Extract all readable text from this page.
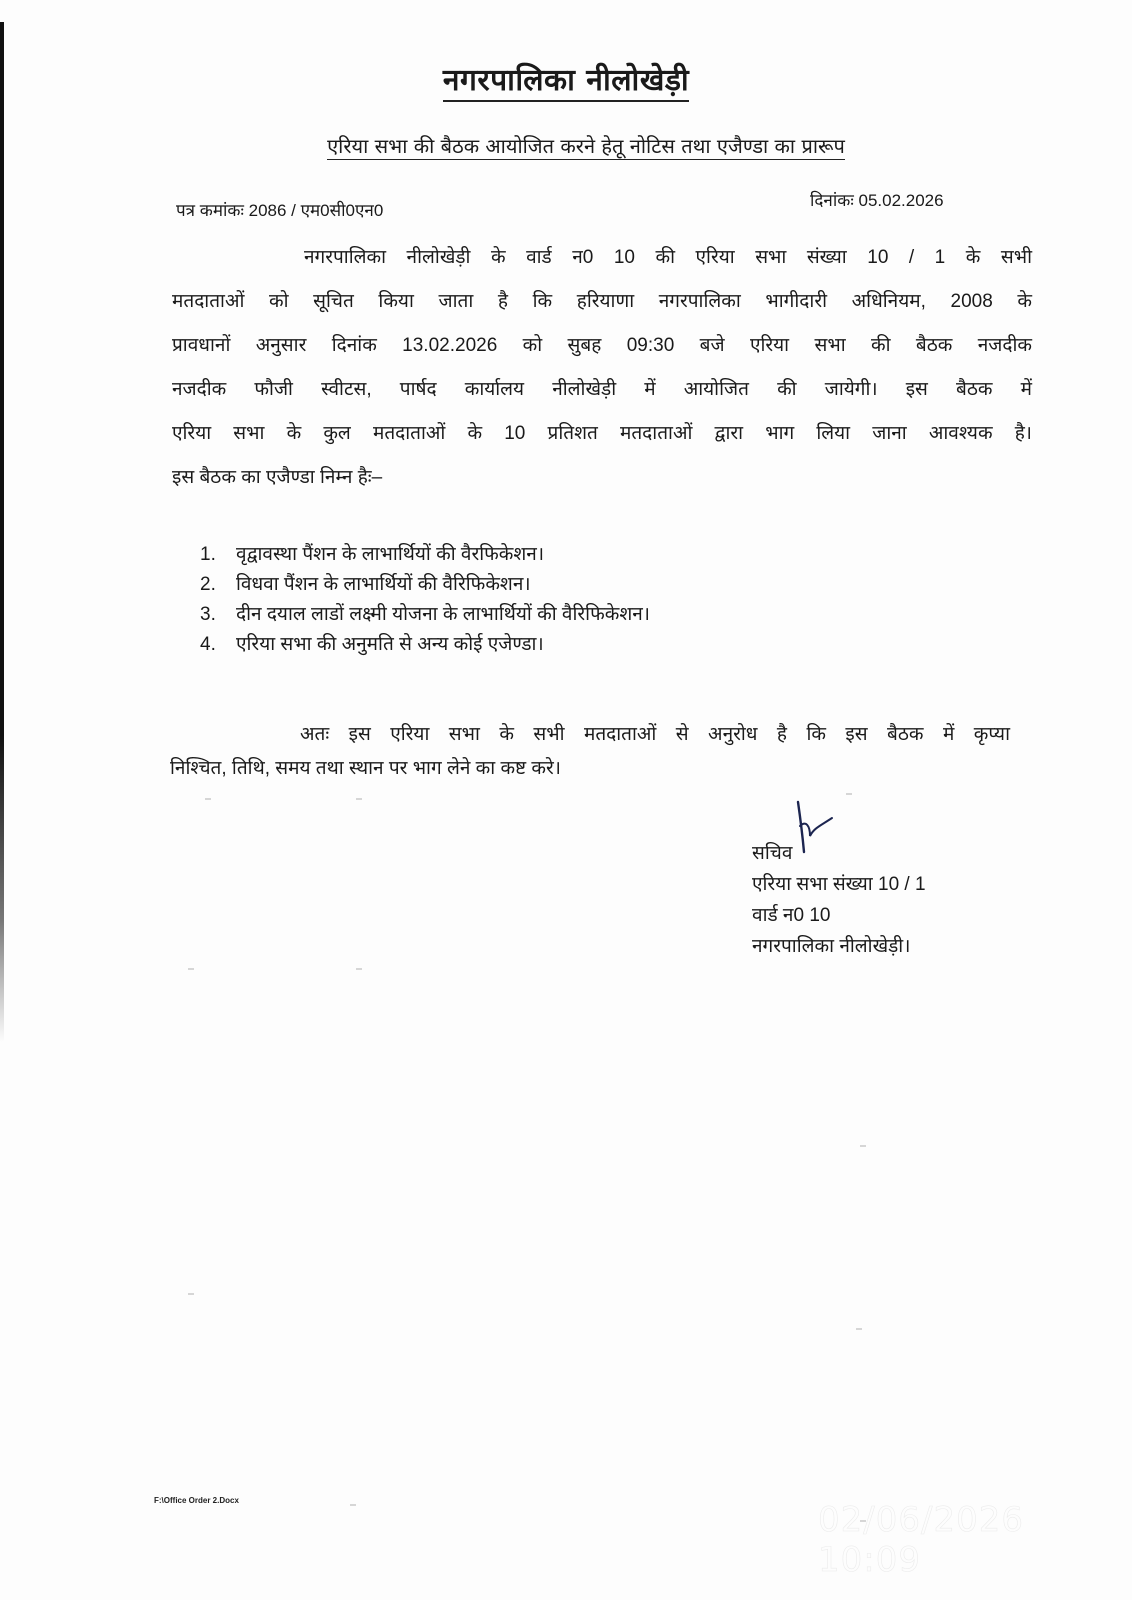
नगरपालिका नीलोखेड़ी
एरिया सभा की बैठक आयोजित करने हेतू नोटिस तथा एजैण्डा का प्रारूप
पत्र कमांकः 2086 / एम0सी0एन0
दिनांकः 05.02.2026
नगरपालिका नीलोखेड़ी के वार्ड न0 10 की एरिया सभा संख्या 10 / 1 के सभी
मतदाताओं को सूचित किया जाता है कि हरियाणा नगरपालिका भागीदारी अधिनियम, 2008 के
प्रावधानों अनुसार दिनांक 13.02.2026 को सुबह 09:30 बजे एरिया सभा की बैठक नजदीक
नजदीक फौजी स्वीटस, पार्षद कार्यालय नीलोखेड़ी में आयोजित की जायेगी। इस बैठक में
एरिया सभा के कुल मतदाताओं के 10 प्रतिशत मतदाताओं द्वारा भाग लिया जाना आवश्यक है।
इस बैठक का एजैण्डा निम्न हैः–
1. वृद्वावस्था पैंशन के लाभार्थियों की वैरफिकेशन।
2. विधवा पैंशन के लाभार्थियों की वैरिफिकेशन।
3. दीन दयाल लाडों लक्ष्मी योजना के लाभार्थियों की वैरिफिकेशन।
4. एरिया सभा की अनुमति से अन्य कोई एजेण्डा।
अतः इस एरिया सभा के सभी मतदाताओं से अनुरोध है कि इस बैठक में कृप्या
निश्चित, तिथि, समय तथा स्थान पर भाग लेने का कष्ट करे।
सचिव
एरिया सभा संख्या 10 / 1
वार्ड न0 10
नगरपालिका नीलोखेड़ी।
F:\Office Order 2.Docx	02/06/2026 10:09
